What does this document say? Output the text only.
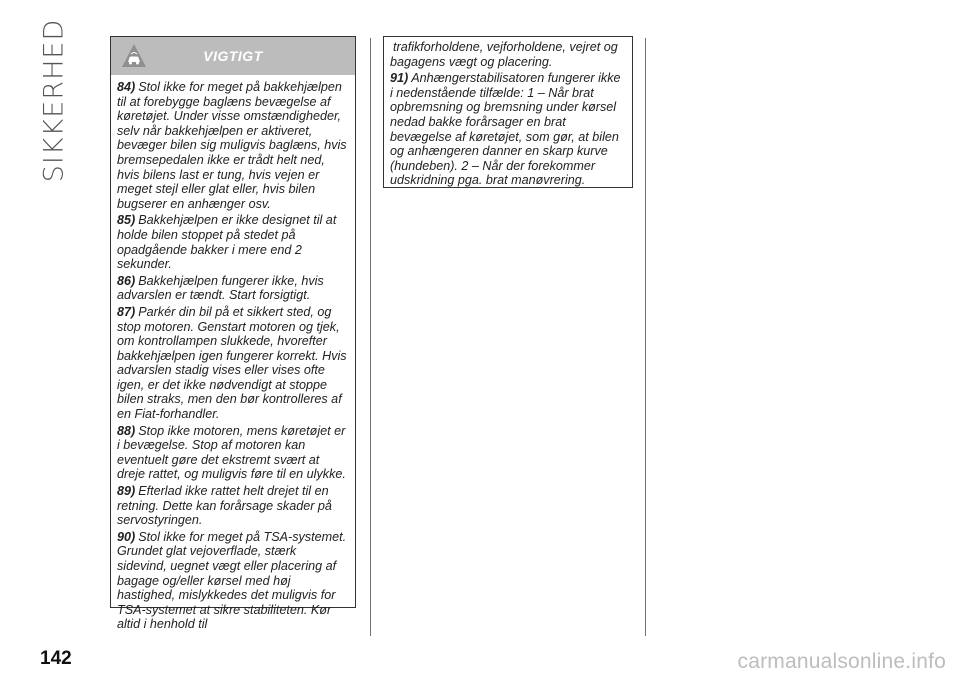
SIKKERHED	VIGTIGT

84) Stol ikke for meget på bakkehjælpen til at forebygge baglæns bevægelse af køretøjet. Under visse omstændigheder, selv når bakkehjælpen er aktiveret, bevæger bilen sig muligvis baglæns, hvis bremsepedalen ikke er trådt helt ned, hvis bilens last er tung, hvis vejen er meget stejl eller glat eller, hvis bilen bugserer en anhænger osv.

85) Bakkehjælpen er ikke designet til at holde bilen stoppet på stedet på opadgående bakker i mere end 2 sekunder.

86) Bakkehjælpen fungerer ikke, hvis advarslen er tændt. Start forsigtigt.

87) Parkér din bil på et sikkert sted, og stop motoren. Genstart motoren og tjek, om kontrollampen slukkede, hvorefter bakkehjælpen igen fungerer korrekt. Hvis advarslen stadig vises eller vises ofte igen, er det ikke nødvendigt at stoppe bilen straks, men den bør kontrolleres af en Fiat-forhandler.

88) Stop ikke motoren, mens køretøjet er i bevægelse. Stop af motoren kan eventuelt gøre det ekstremt svært at dreje rattet, og muligvis føre til en ulykke.

89) Efterlad ikke rattet helt drejet til en retning. Dette kan forårsage skader på servostyringen.

90) Stol ikke for meget på TSA-systemet. Grundet glat vejoverflade, stærk sidevind, uegnet vægt eller placering af bagage og/eller kørsel med høj hastighed, mislykkedes det muligvis for TSA-systemet at sikre stabiliteten. Kør altid i henhold til

trafikforholdene, vejforholdene, vejret og bagagens vægt og placering.

91) Anhængerstabilisatoren fungerer ikke i nedenstående tilfælde: 1 – Når brat opbremsning og bremsning under kørsel nedad bakke forårsager en brat bevægelse af køretøjet, som gør, at bilen og anhængeren danner en skarp kurve (hundeben). 2 – Når der forekommer udskridning pga. brat manøvrering.

142	carmanualsonline.info
